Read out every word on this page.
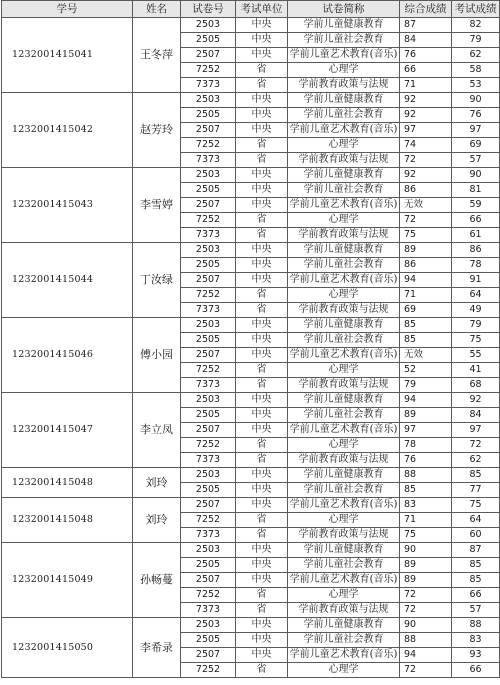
学号	姓名	试卷号	考试单位	试卷简称	综合成绩	考试成绩
1232001415041	王冬萍	2503	中央	学前儿童健康教育	87	82
		2505	中央	学前儿童社会教育	84	79
		2507	中央	学前儿童艺术教育(音乐)	76	62
		7252	省	心理学	66	58
		7373	省	学前教育政策与法规	71	53
1232001415042	赵芳玲	2503	中央	学前儿童健康教育	92	90
		2505	中央	学前儿童社会教育	92	76
		2507	中央	学前儿童艺术教育(音乐)	97	97
		7252	省	心理学	74	69
		7373	省	学前教育政策与法规	72	57
1232001415043	李雪婷	2503	中央	学前儿童健康教育	92	90
		2505	中央	学前儿童社会教育	86	81
		2507	中央	学前儿童艺术教育(音乐)	无效	59
		7252	省	心理学	72	66
		7373	省	学前教育政策与法规	75	61
1232001415044	丁汝绿	2503	中央	学前儿童健康教育	89	86
		2505	中央	学前儿童社会教育	86	78
		2507	中央	学前儿童艺术教育(音乐)	94	91
		7252	省	心理学	71	64
		7373	省	学前教育政策与法规	69	49
1232001415046	傅小园	2503	中央	学前儿童健康教育	85	79
		2505	中央	学前儿童社会教育	85	75
		2507	中央	学前儿童艺术教育(音乐)	无效	55
		7252	省	心理学	52	41
		7373	省	学前教育政策与法规	79	68
1232001415047	李立凤	2503	中央	学前儿童健康教育	94	92
		2505	中央	学前儿童社会教育	89	84
		2507	中央	学前儿童艺术教育(音乐)	97	97
		7252	省	心理学	78	72
		7373	省	学前教育政策与法规	76	62
1232001415048	刘玲	2503	中央	学前儿童健康教育	88	85
		2505	中央	学前儿童社会教育	85	77
1232001415048	刘玲	2507	中央	学前儿童艺术教育(音乐)	83	75
		7252	省	心理学	71	64
		7373	省	学前教育政策与法规	75	60
1232001415049	孙畅蔓	2503	中央	学前儿童健康教育	90	87
		2505	中央	学前儿童社会教育	89	85
		2507	中央	学前儿童艺术教育(音乐)	89	85
		7252	省	心理学	72	66
		7373	省	学前教育政策与法规	72	57
1232001415050	李希录	2503	中央	学前儿童健康教育	90	88
		2505	中央	学前儿童社会教育	88	83
		2507	中央	学前儿童艺术教育(音乐)	94	93
		7252	省	心理学	72	66
